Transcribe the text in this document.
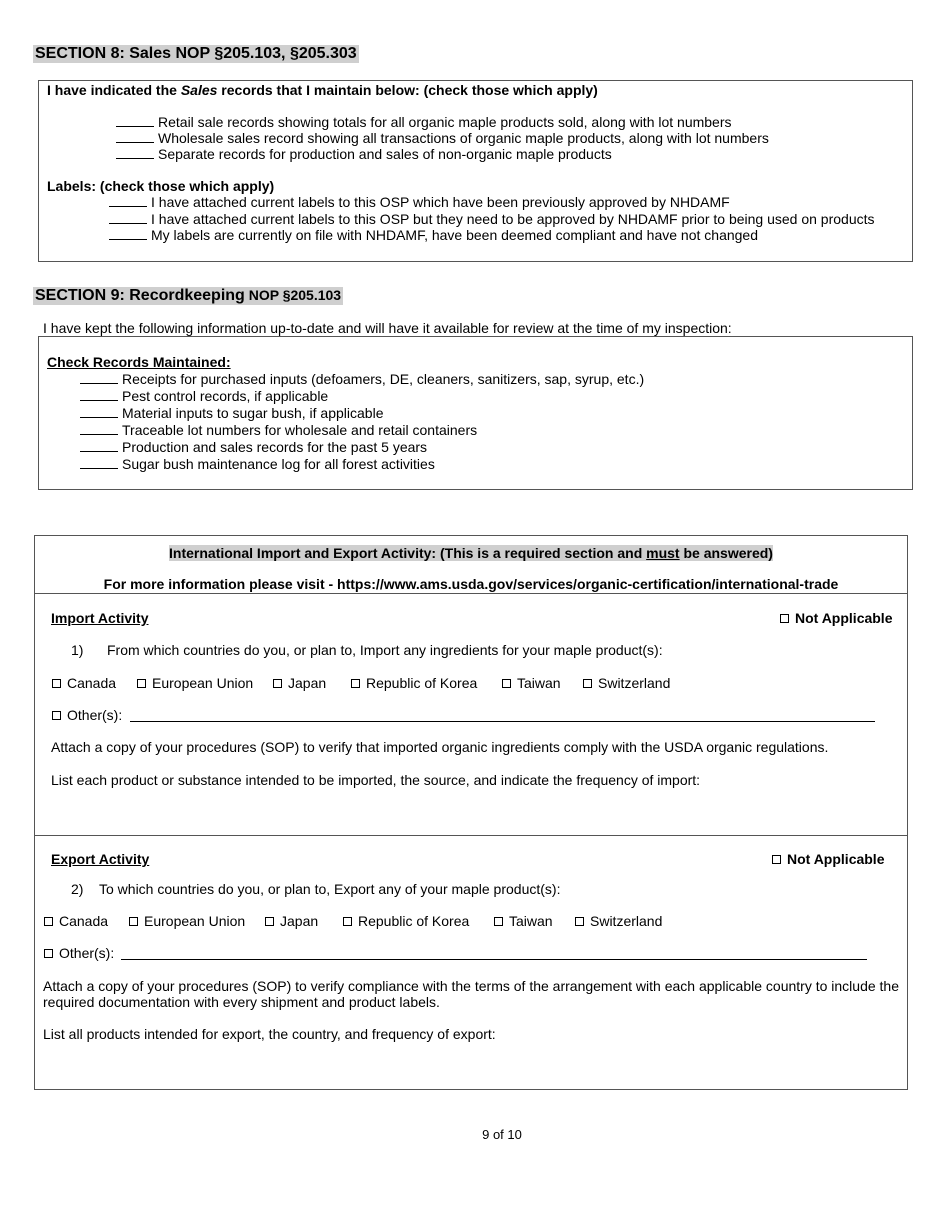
SECTION 8: Sales NOP §205.103, §205.303
I have indicated the Sales records that I maintain below: (check those which apply)
Retail sale records showing totals for all organic maple products sold, along with lot numbers
Wholesale sales record showing all transactions of organic maple products, along with lot numbers
Separate records for production and sales of non-organic maple products
Labels: (check those which apply)
I have attached current labels to this OSP which have been previously approved by NHDAMF
I have attached current labels to this OSP but they need to be approved by NHDAMF prior to being used on products
My labels are currently on file with NHDAMF, have been deemed compliant and have not changed
SECTION 9: Recordkeeping NOP §205.103
I have kept the following information up-to-date and will have it available for review at the time of my inspection:
Check Records Maintained:
Receipts for purchased inputs (defoamers, DE, cleaners, sanitizers, sap, syrup, etc.)
Pest control records, if applicable
Material inputs to sugar bush, if applicable
Traceable lot numbers for wholesale and retail containers
Production and sales records for the past 5 years
Sugar bush maintenance log for all forest activities
International Import and Export Activity: (This is a required section and must be answered)
For more information please visit - https://www.ams.usda.gov/services/organic-certification/international-trade
Import Activity	Not Applicable
1) From which countries do you, or plan to, Import any ingredients for your maple product(s):
Canada	European Union	Japan	Republic of Korea	Taiwan	Switzerland
Other(s):
Attach a copy of your procedures (SOP) to verify that imported organic ingredients comply with the USDA organic regulations.
List each product or substance intended to be imported, the source, and indicate the frequency of import:
Export Activity	Not Applicable
2) To which countries do you, or plan to, Export any of your maple product(s):
Canada	European Union	Japan	Republic of Korea	Taiwan	Switzerland
Other(s):
Attach a copy of your procedures (SOP) to verify compliance with the terms of the arrangement with each applicable country to include the
required documentation with every shipment and product labels.
List all products intended for export, the country, and frequency of export:
9 of 10
